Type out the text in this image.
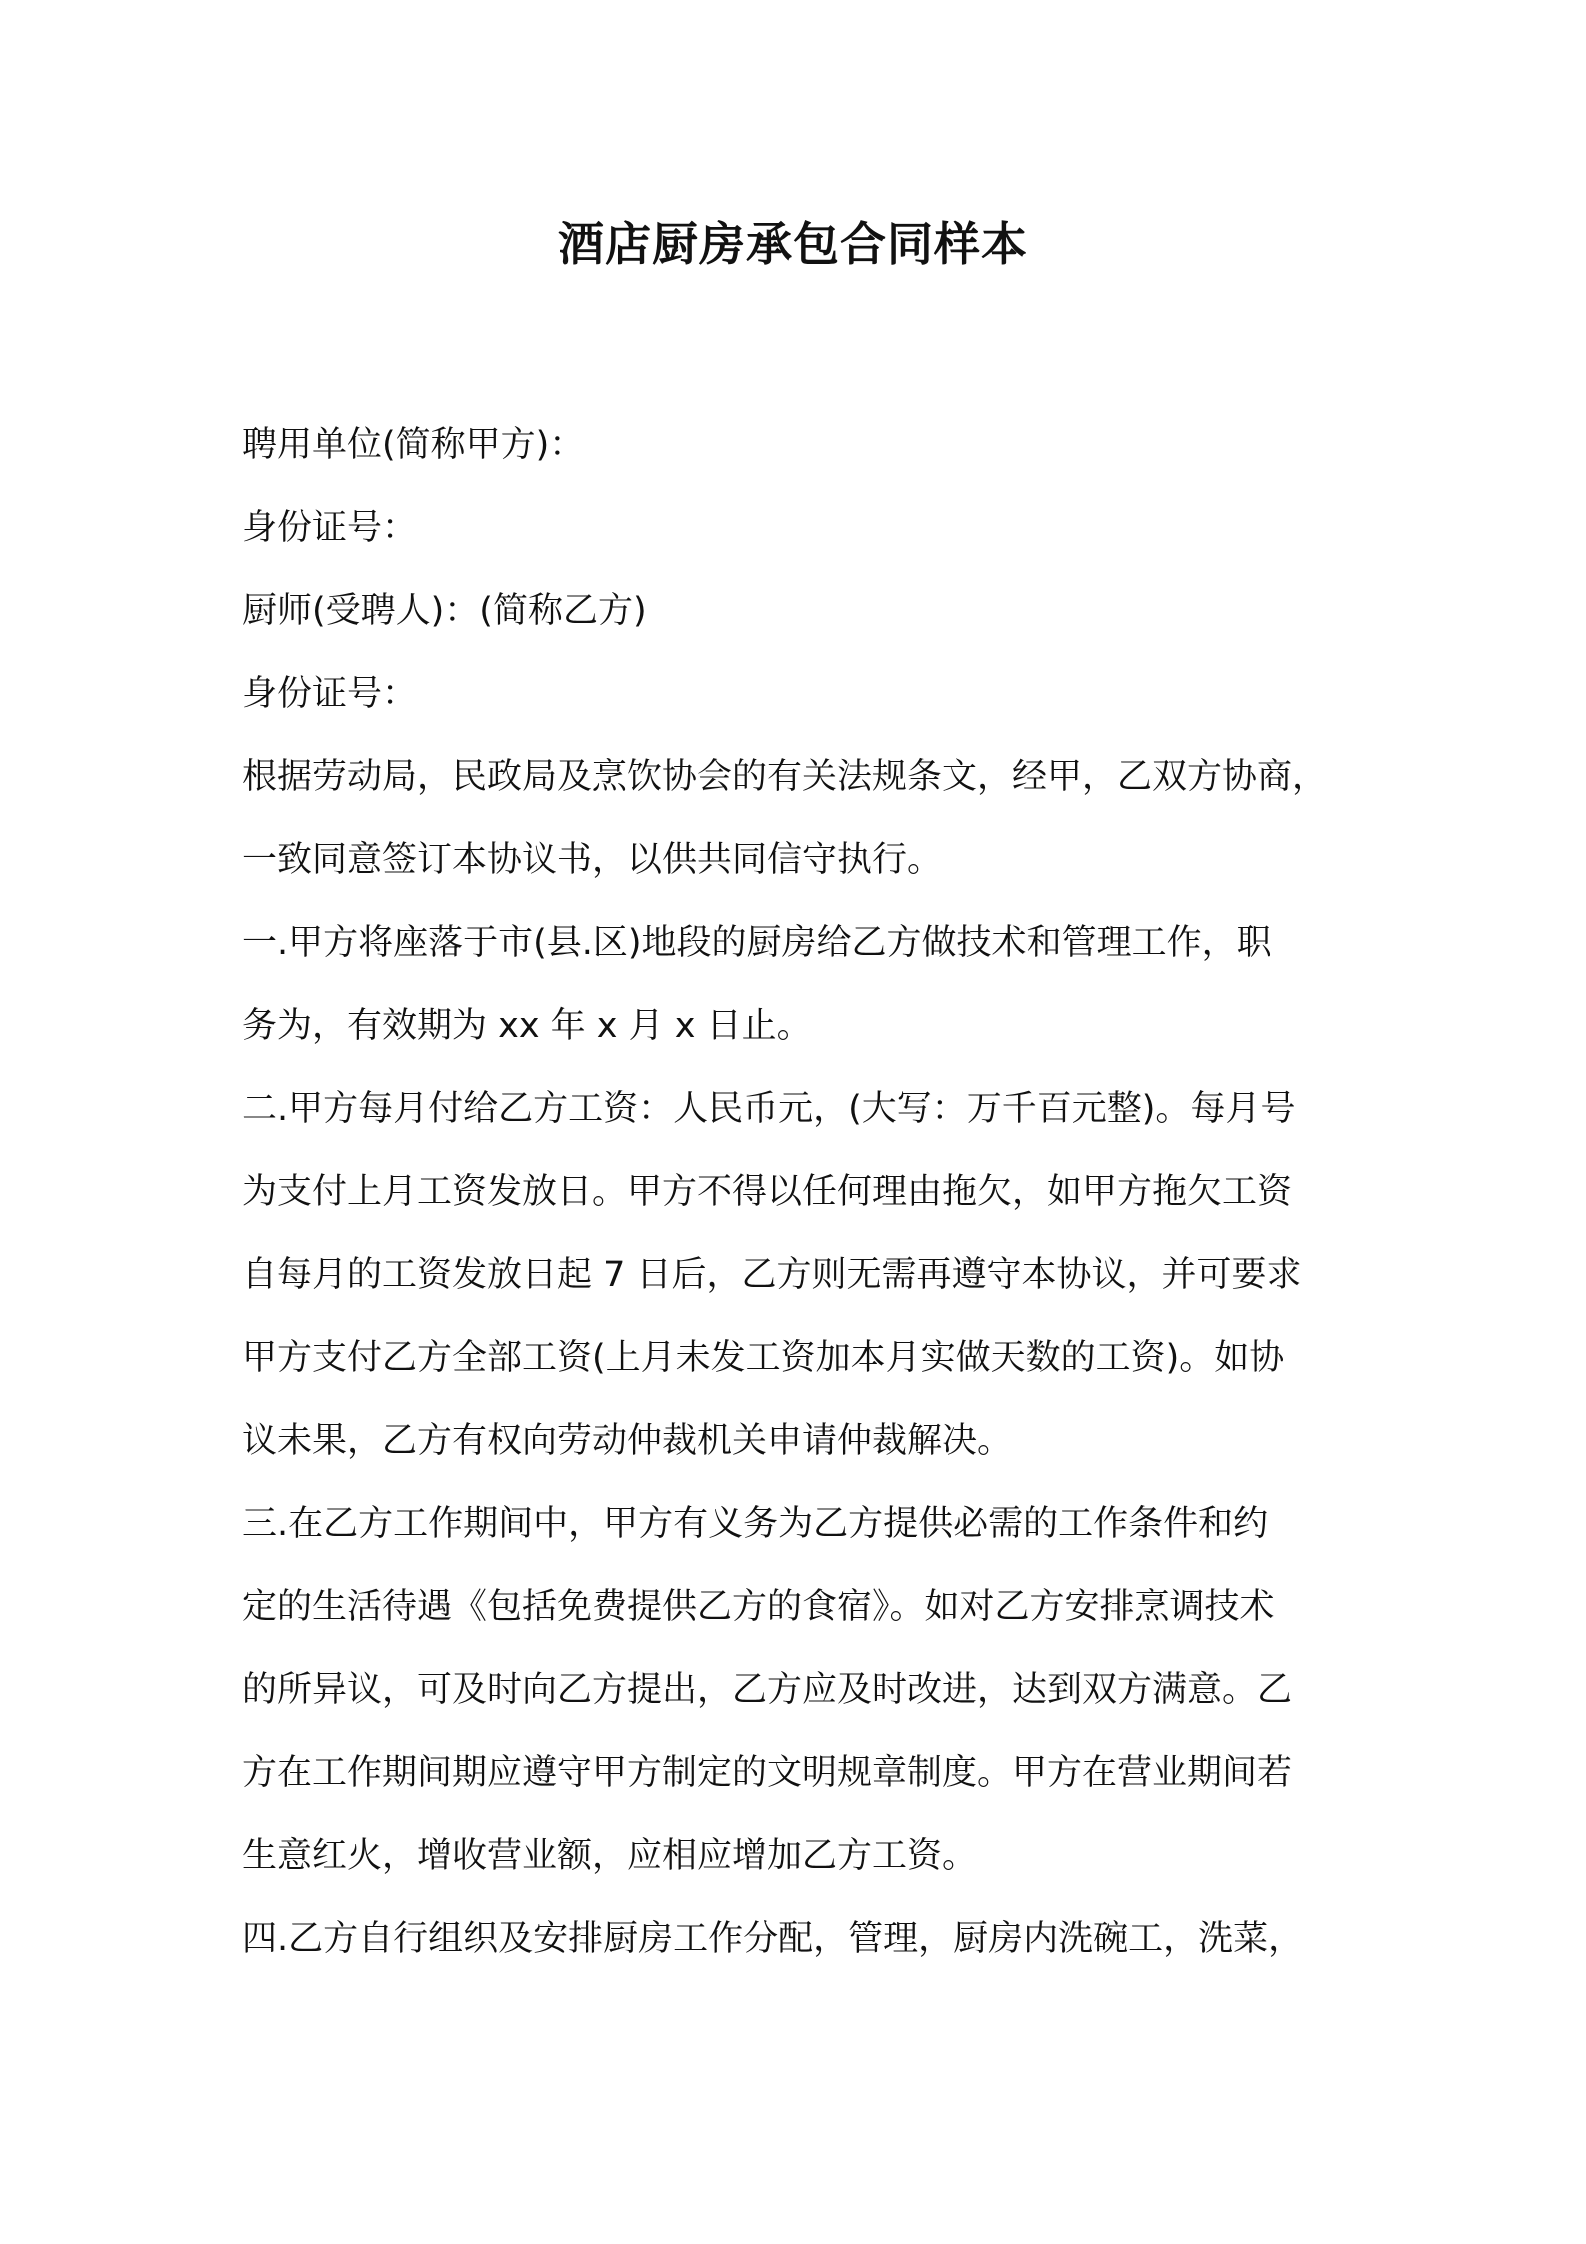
酒店厨房承包合同样本
聘用单位(简称甲方)：
身份证号：
厨师(受聘人)：(简称乙方)
身份证号：
根据劳动局，民政局及烹饮协会的有关法规条文，经甲，乙双方协商，
一致同意签订本协议书，以供共同信守执行。
一.甲方将座落于市(县.区)地段的厨房给乙方做技术和管理工作，职
务为，有效期为 xx 年 x 月 x 日止。
二.甲方每月付给乙方工资：人民币元，(大写：万千百元整)。每月号
为支付上月工资发放日。甲方不得以任何理由拖欠，如甲方拖欠工资
自每月的工资发放日起 7 日后，乙方则无需再遵守本协议，并可要求
甲方支付乙方全部工资(上月未发工资加本月实做天数的工资)。如协
议未果，乙方有权向劳动仲裁机关申请仲裁解决。
三.在乙方工作期间中，甲方有义务为乙方提供必需的工作条件和约
定的生活待遇《包括免费提供乙方的食宿》。如对乙方安排烹调技术
的所异议，可及时向乙方提出，乙方应及时改进，达到双方满意。乙
方在工作期间期应遵守甲方制定的文明规章制度。甲方在营业期间若
生意红火，增收营业额，应相应增加乙方工资。
四.乙方自行组织及安排厨房工作分配，管理，厨房内洗碗工，洗菜，
